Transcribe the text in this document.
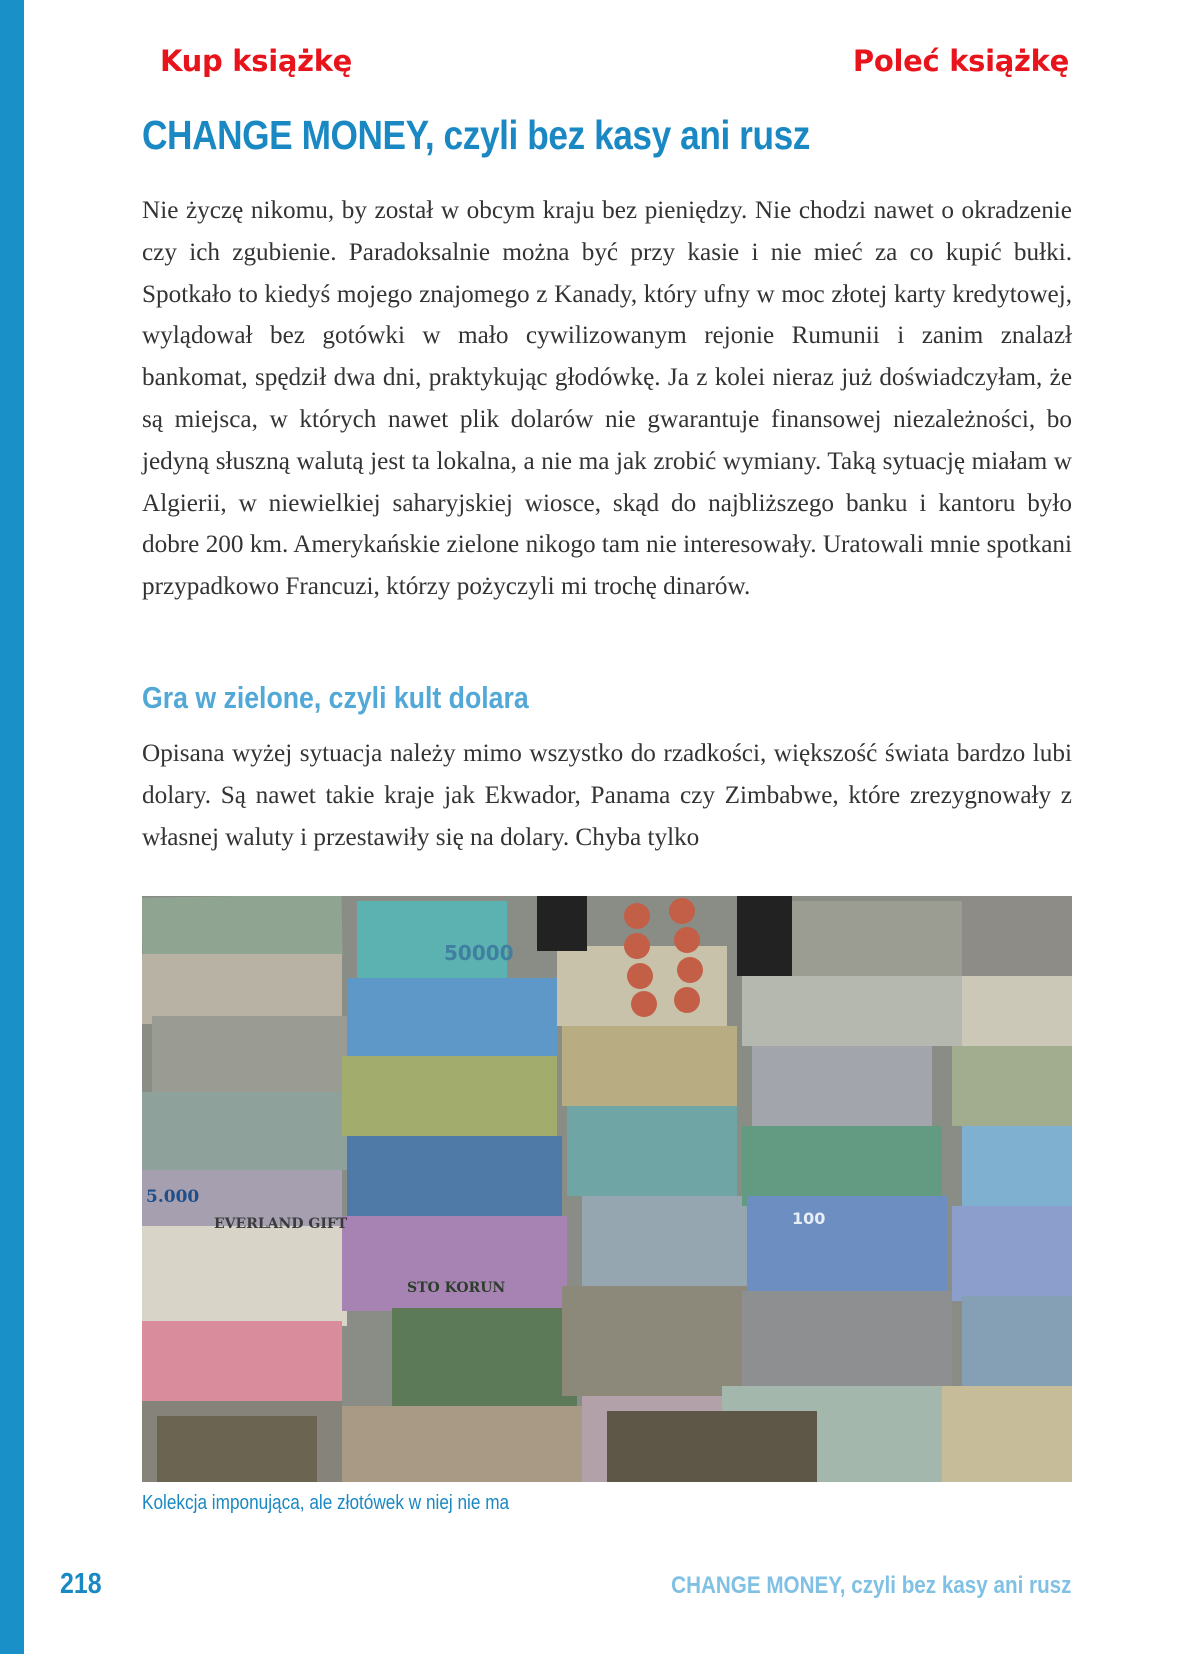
Kup książkę	Poleć książkę
CHANGE MONEY, czyli bez kasy ani rusz

Nie życzę nikomu, by został w obcym kraju bez pieniędzy. Nie chodzi nawet o okradzenie czy ich zgubienie. Paradoksalnie można być przy kasie i nie mieć za co kupić bułki. Spotkało to kiedyś mojego znajomego z Kanady, który ufny w moc złotej karty kredytowej, wylądował bez gotówki w mało cywilizowanym rejonie Rumunii i zanim znalazł bankomat, spędził dwa dni, praktykując głodówkę. Ja z kolei nieraz już doświadczyłam, że są miejsca, w których nawet plik dolarów nie gwarantuje finansowej niezależności, bo jedyną słuszną walutą jest ta lokalna, a nie ma jak zrobić wymiany. Taką sytuację miałam w Algierii, w niewielkiej saharyjskiej wiosce, skąd do najbliższego banku i kantoru było dobre 200 km. Amerykańskie zielone nikogo tam nie interesowały. Uratowali mnie spotkani przypadkowo Francuzi, którzy pożyczyli mi trochę dinarów.

Gra w zielone, czyli kult dolara

Opisana wyżej sytuacja należy mimo wszystko do rzadkości, większość świata bardzo lubi dolary. Są nawet takie kraje jak Ekwador, Panama czy Zimbabwe, które zrezygnowały z własnej waluty i przestawiły się na dolary. Chyba tylko

5.000
EVERLAND GIFT
STO KORUN
50000
100
Kolekcja imponująca, ale złotówek w niej nie ma
218	CHANGE MONEY, czyli bez kasy ani rusz
